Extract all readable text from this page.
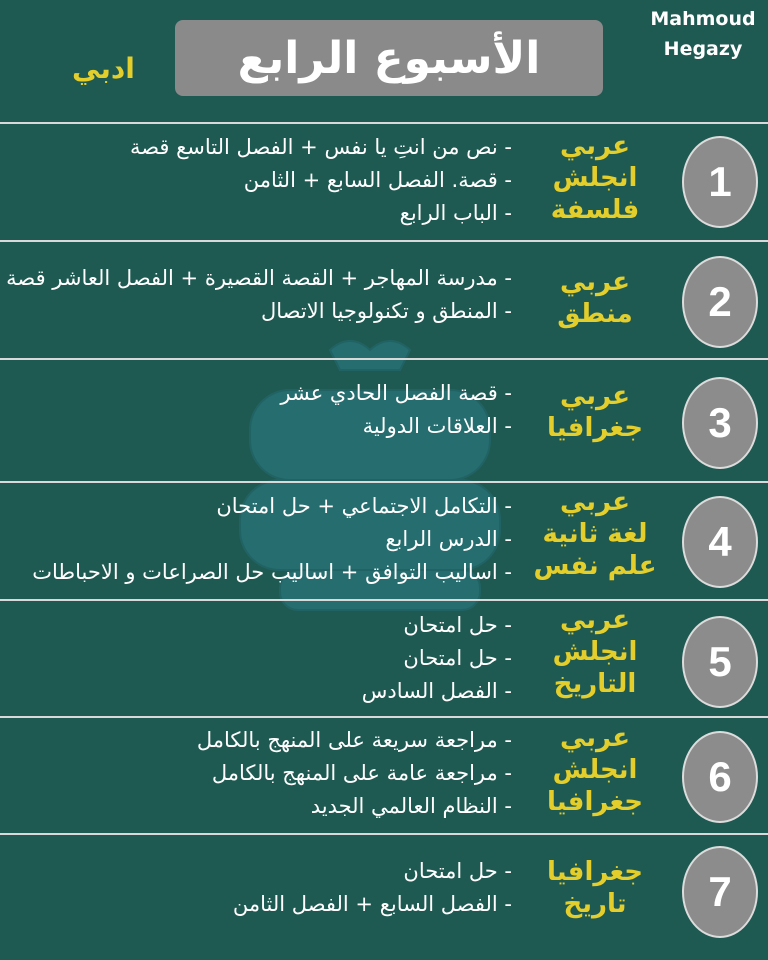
Mahmoud
Hegazy
الأسبوع الرابع
ادبي
1
عربي
انجلش
فلسفة
- نص من انتِ يا نفس + الفصل التاسع قصة
- قصة. الفصل السابع + الثامن
- الباب الرابع
2
عربي
منطق
- مدرسة المهاجر + القصة القصيرة + الفصل العاشر قصة
- المنطق و تكنولوجيا الاتصال
3
عربي
جغرافيا
- قصة الفصل الحادي عشر
- العلاقات الدولية
4
عربي
لغة ثانية
علم نفس
- التكامل الاجتماعي + حل امتحان
- الدرس الرابع
- اساليب التوافق + اساليب حل الصراعات و الاحباطات
5
عربي
انجلش
التاريخ
- حل امتحان
- حل امتحان
- الفصل السادس
6
عربي
انجلش
جغرافيا
- مراجعة سريعة على المنهج بالكامل
- مراجعة عامة على المنهج بالكامل
- النظام العالمي الجديد
7
جغرافيا
تاريخ
- حل امتحان
- الفصل السابع + الفصل الثامن
